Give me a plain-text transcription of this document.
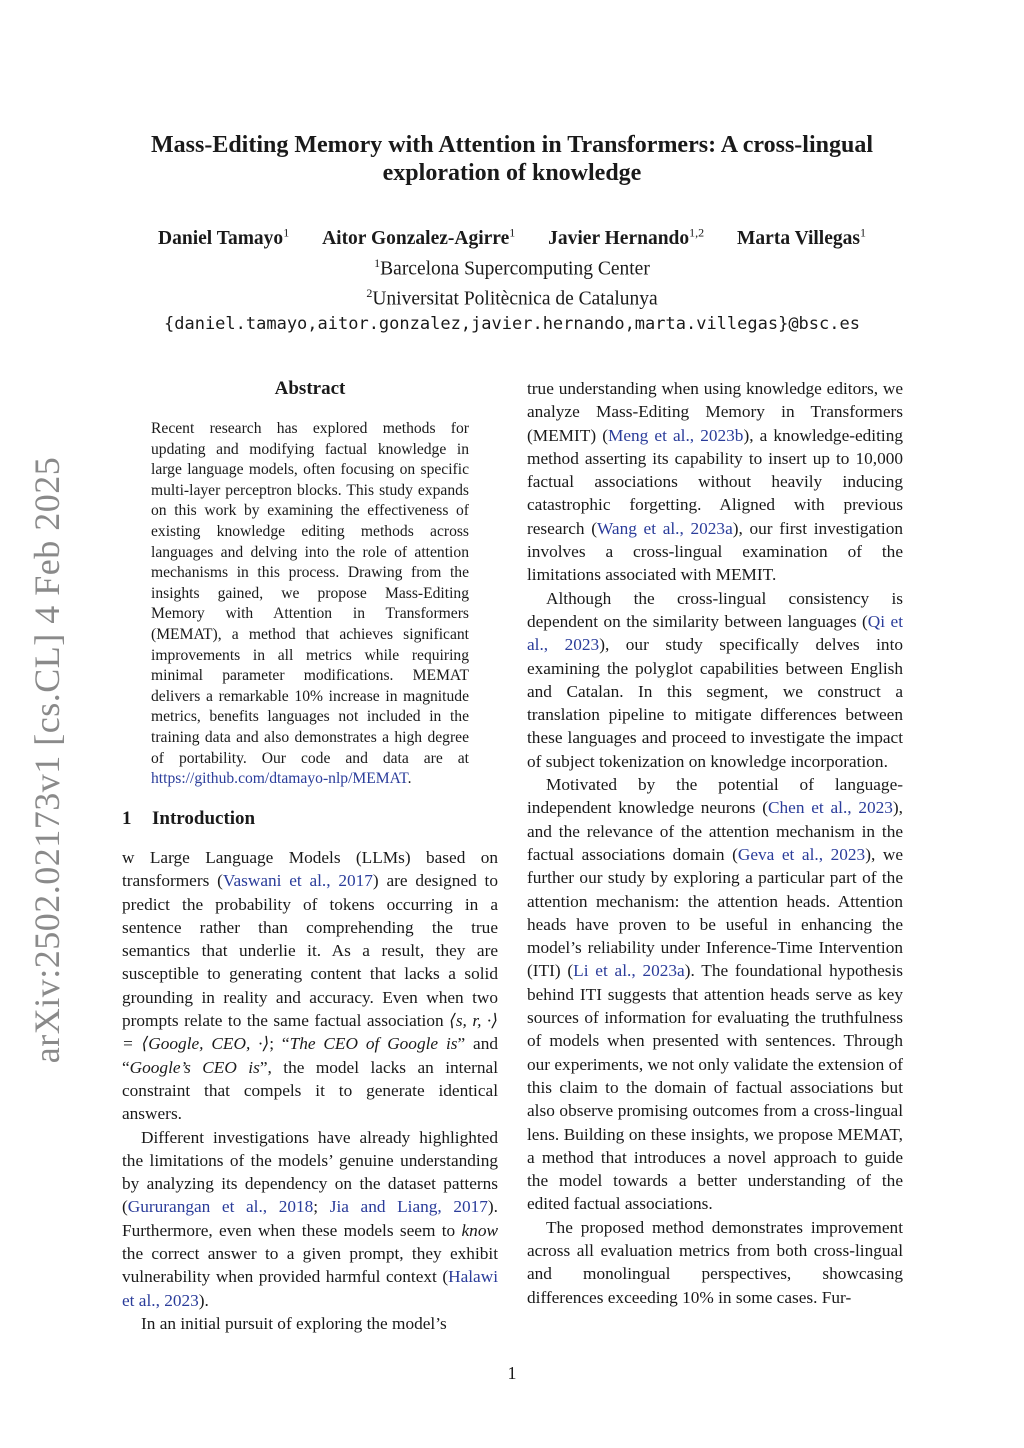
arXiv:2502.02173v1 [cs.CL] 4 Feb 2025
Mass-Editing Memory with Attention in Transformers: A cross-lingual
exploration of knowledge
Daniel Tamayo$^1$ Aitor Gonzalez-Agirre$^1$ Javier Hernando$^{1,2}$ Marta Villegas$^1$
$^1$Barcelona Supercomputing Center
$^2$Universitat Politècnica de Catalunya
{daniel.tamayo,aitor.gonzalez,javier.hernando,marta.villegas}@bsc.es
Abstract
Recent research has explored methods for updating and modifying factual knowledge in large language models, often focusing on specific multi-layer perceptron blocks. This study expands on this work by examining the effectiveness of existing knowledge editing methods across languages and delving into the role of attention mechanisms in this process. Drawing from the insights gained, we propose Mass-Editing Memory with Attention in Transformers (MEMAT), a method that achieves significant improvements in all metrics while requiring minimal parameter modifications. MEMAT delivers a remarkable 10% increase in magnitude metrics, benefits languages not included in the training data and also demonstrates a high degree of portability. Our code and data are at https://github.com/dtamayo-nlp/MEMAT.
1 Introduction

w Large Language Models (LLMs) based on transformers (Vaswani et al., 2017) are designed to predict the probability of tokens occurring in a sentence rather than comprehending the true semantics that underlie it. As a result, they are susceptible to generating content that lacks a solid grounding in reality and accuracy. Even when two prompts relate to the same factual association ⟨s, r, ·⟩ = ⟨Google, CEO, ·⟩; “The CEO of Google is” and “Google’s CEO is”, the model lacks an internal constraint that compels it to generate identical answers.

Different investigations have already highlighted the limitations of the models’ genuine understanding by analyzing its dependency on the dataset patterns (Gururangan et al., 2018; Jia and Liang, 2017). Furthermore, even when these models seem to know the correct answer to a given prompt, they exhibit vulnerability when provided harmful context (Halawi et al., 2023).

In an initial pursuit of exploring the model’s

true understanding when using knowledge editors, we analyze Mass-Editing Memory in Transformers (MEMIT) (Meng et al., 2023b), a knowledge-editing method asserting its capability to insert up to 10,000 factual associations without heavily inducing catastrophic forgetting. Aligned with previous research (Wang et al., 2023a), our first investigation involves a cross-lingual examination of the limitations associated with MEMIT.

Although the cross-lingual consistency is dependent on the similarity between languages (Qi et al., 2023), our study specifically delves into examining the polyglot capabilities between English and Catalan. In this segment, we construct a translation pipeline to mitigate differences between these languages and proceed to investigate the impact of subject tokenization on knowledge incorporation.

Motivated by the potential of language-independent knowledge neurons (Chen et al., 2023), and the relevance of the attention mechanism in the factual associations domain (Geva et al., 2023), we further our study by exploring a particular part of the attention mechanism: the attention heads. Attention heads have proven to be useful in enhancing the model’s reliability under Inference-Time Intervention (ITI) (Li et al., 2023a). The foundational hypothesis behind ITI suggests that attention heads serve as key sources of information for evaluating the truthfulness of models when presented with sentences. Through our experiments, we not only validate the extension of this claim to the domain of factual associations but also observe promising outcomes from a cross-lingual lens. Building on these insights, we propose MEMAT, a method that introduces a novel approach to guide the model towards a better understanding of the edited factual associations.

The proposed method demonstrates improvement across all evaluation metrics from both cross-lingual and monolingual perspectives, showcasing differences exceeding 10% in some cases. Fur-

1
